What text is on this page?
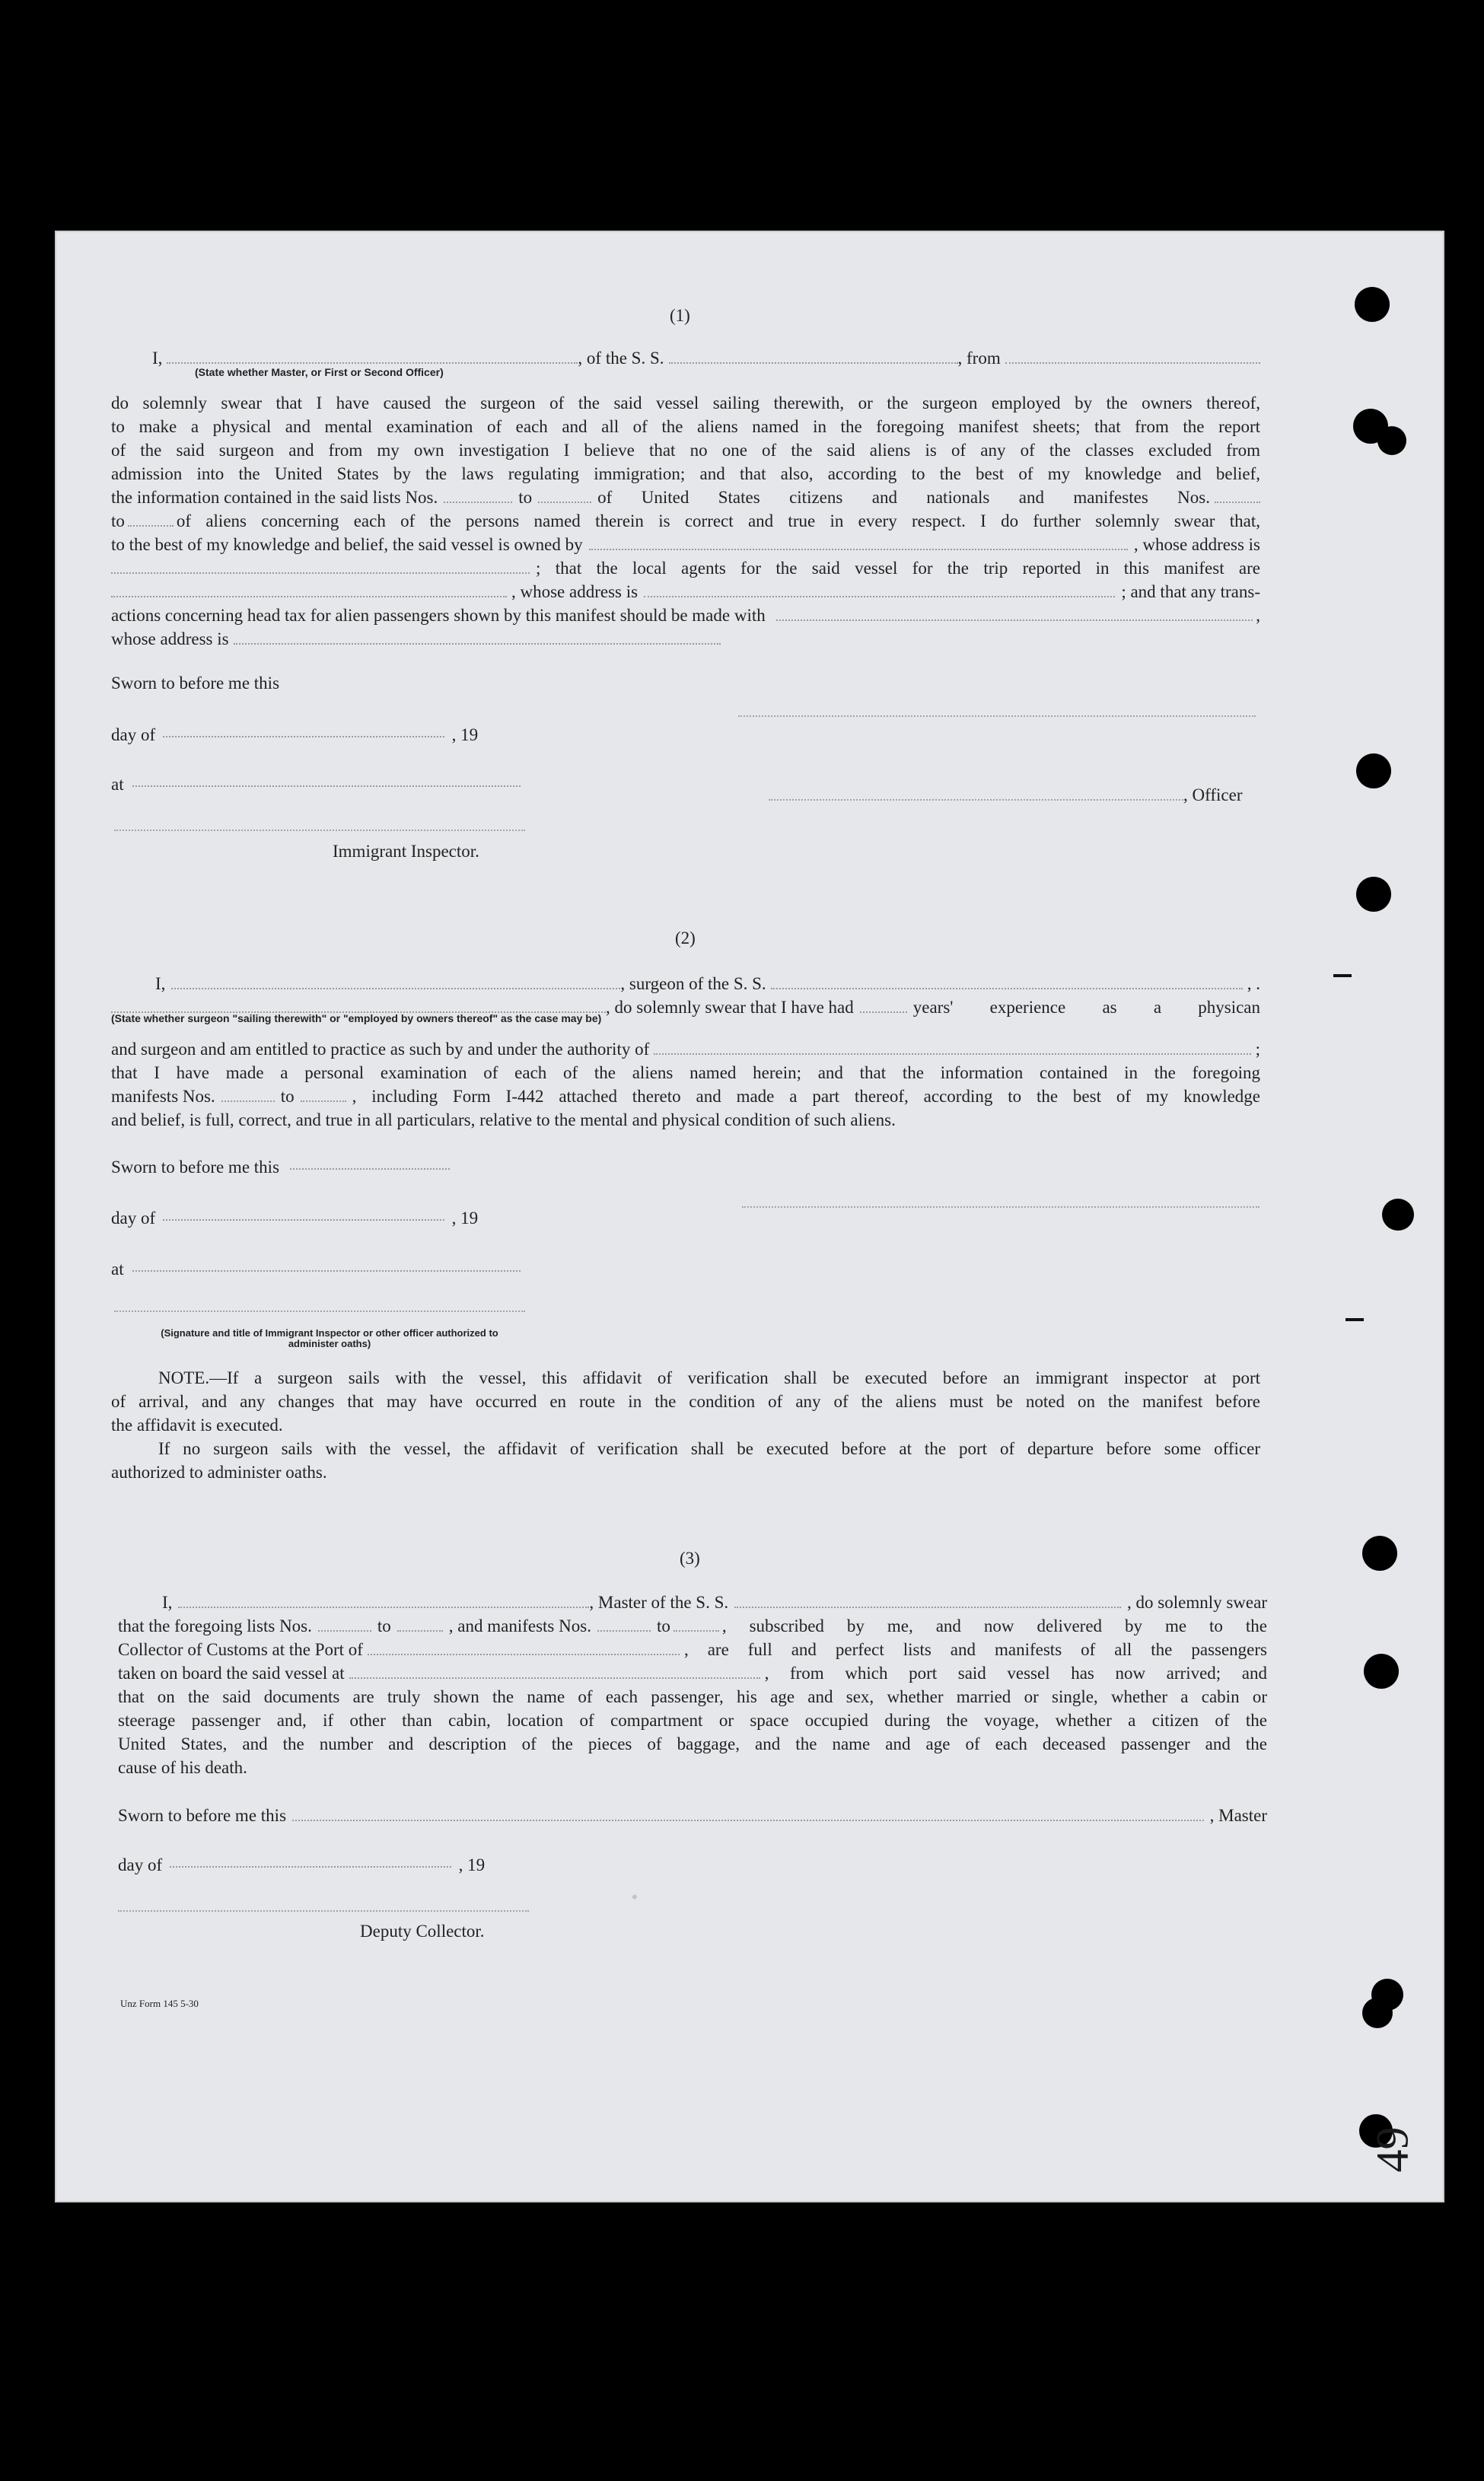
•
49
(1)
I,	, of the S. S.	, from
(State whether Master, or First or Second Officer)
do solemnly swear that I have caused the surgeon of the said vessel sailing therewith, or the surgeon employed by the owners thereof,
to make a physical and mental examination of each and all of the aliens named in the foregoing manifest sheets; that from the report
of the said surgeon and from my own investigation I believe that no one of the said aliens is of any of the classes excluded from
admission into the United States by the laws regulating immigration; and that also, according to the best of my knowledge and belief,
the information contained in the said lists Nos.	to	of United States citizens and nationals and manifestes Nos.
to	of aliens concerning each of the persons named therein is correct and true in every respect. I do further solemnly swear that,
to the best of my knowledge and belief, the said vessel is owned by	, whose address is
; that the local agents for the said vessel for the trip reported in this manifest are
, whose address is	; and that any trans-
actions concerning head tax for alien passengers shown by this manifest should be made with	,
whose address is
Sworn to before me this
day of	, 19
at
, Officer
Immigrant Inspector.
(2)
I,	, surgeon of the S. S.	, .
, do solemnly swear that I have had	years' experience as a physican
(State whether surgeon "sailing therewith" or "employed by owners thereof" as the case may be)
and surgeon and am entitled to practice as such by and under the authority of	;
that I have made a personal examination of each of the aliens named herein; and that the information contained in the foregoing
manifests Nos.	to	, including Form I-442 attached thereto and made a part thereof, according to the best of my knowledge
and belief, is full, correct, and true in all particulars, relative to the mental and physical condition of such aliens.
Sworn to before me this
day of	, 19
at
(Signature and title of Immigrant Inspector or other officer authorized to administer oaths)
NOTE.—If a surgeon sails with the vessel, this affidavit of verification shall be executed before an immigrant inspector at port
of arrival, and any changes that may have occurred en route in the condition of any of the aliens must be noted on the manifest before
the affidavit is executed.
If no surgeon sails with the vessel, the affidavit of verification shall be executed before at the port of departure before some officer
authorized to administer oaths.
(3)
I,	, Master of the S. S.	, do solemnly swear
that the foregoing lists Nos.	to	, and manifests Nos.	to	, subscribed by me, and now delivered by me to the
Collector of Customs at the Port of	, are full and perfect lists and manifests of all the passengers
taken on board the said vessel at	, from which port said vessel has now arrived; and
that on the said documents are truly shown the name of each passenger, his age and sex, whether married or single, whether a cabin or
steerage passenger and, if other than cabin, location of compartment or space occupied during the voyage, whether a citizen of the
United States, and the number and description of the pieces of baggage, and the name and age of each deceased passenger and the
cause of his death.
Sworn to before me this	, Master
day of	, 19
Deputy Collector.
Unz Form 145 5-30
